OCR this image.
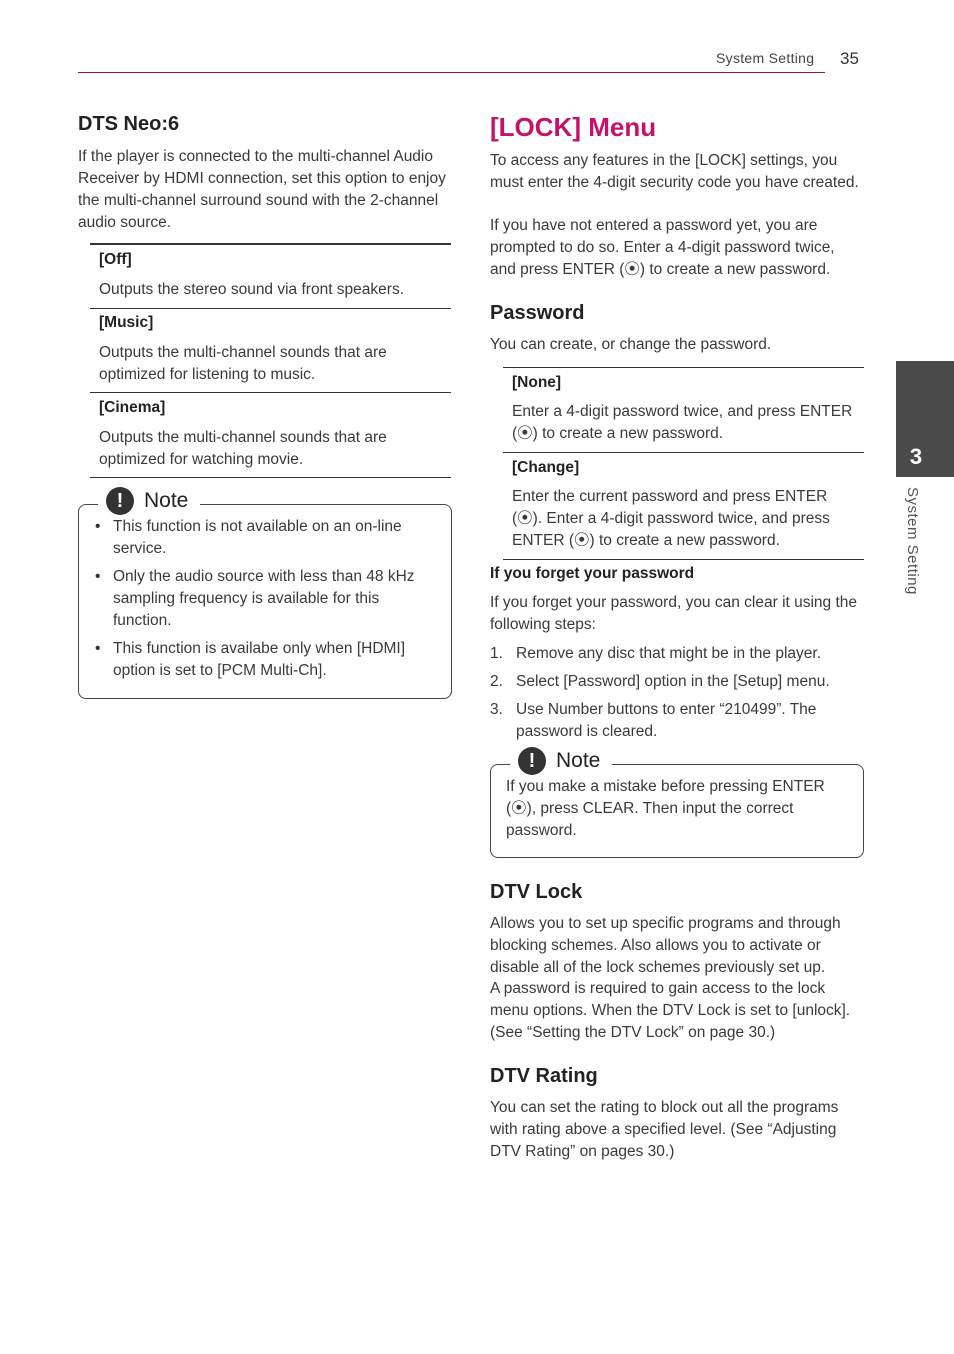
System Setting 35
3
System Setting
DTS Neo:6

If the player is connected to the multi-channel Audio Receiver by HDMI connection, set this option to enjoy the multi-channel surround sound with the 2-channel audio source.

[Off]

Outputs the stereo sound via front speakers.

[Music]

Outputs the multi-channel sounds that are optimized for listening to music.

[Cinema]

Outputs the multi-channel sounds that are optimized for watching movie.

! Note
• This function is not available on an on-line service.
• Only the audio source with less than 48 kHz sampling frequency is available for this function.
• This function is availabe only when [HDMI] option is set to [PCM Multi-Ch].
[LOCK] Menu

To access any features in the [LOCK] settings, you must enter the 4-digit security code you have created.

If you have not entered a password yet, you are prompted to do so. Enter a 4-digit password twice, and press ENTER (⦿) to create a new password.

Password

You can create, or change the password.

[None]

Enter a 4-digit password twice, and press ENTER (⦿) to create a new password.

[Change]

Enter the current password and press ENTER (⦿). Enter a 4-digit password twice, and press ENTER (⦿) to create a new password.

If you forget your password

If you forget your password, you can clear it using the following steps:

1. Remove any disc that might be in the player.
2. Select [Password] option in the [Setup] menu.
3. Use Number buttons to enter “210499”. The password is cleared.
! Note

If you make a mistake before pressing ENTER (⦿), press CLEAR. Then input the correct password.

DTV Lock

Allows you to set up specific programs and through blocking schemes. Also allows you to activate or disable all of the lock schemes previously set up.

A password is required to gain access to the lock menu options. When the DTV Lock is set to [unlock]. (See “Setting the DTV Lock” on page 30.)

DTV Rating

You can set the rating to block out all the programs with rating above a specified level. (See “Adjusting DTV Rating” on pages 30.)
